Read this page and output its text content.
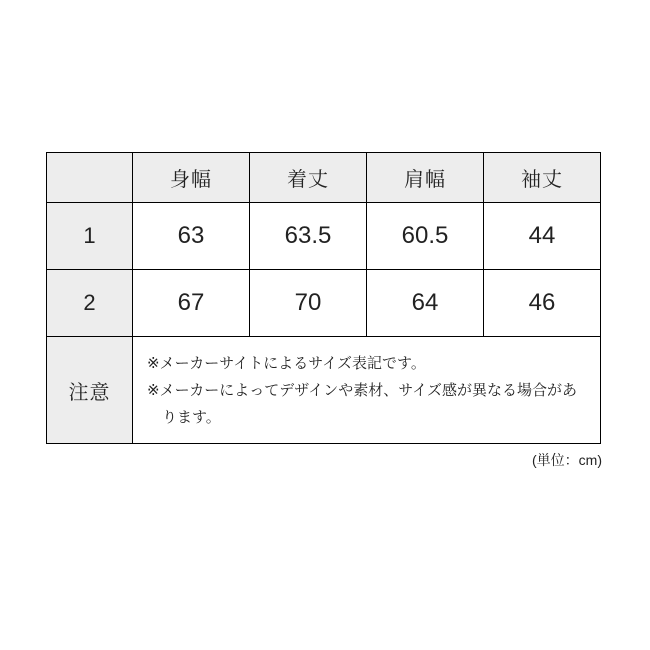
	身幅	着丈	肩幅	袖丈
1	63	63.5	60.5	44
2	67	70	64	46
注意	※メーカーサイトによるサイズ表記です。
※メーカーによってデザインや素材、サイズ感が異なる場合があります。			
(単位：cm)
